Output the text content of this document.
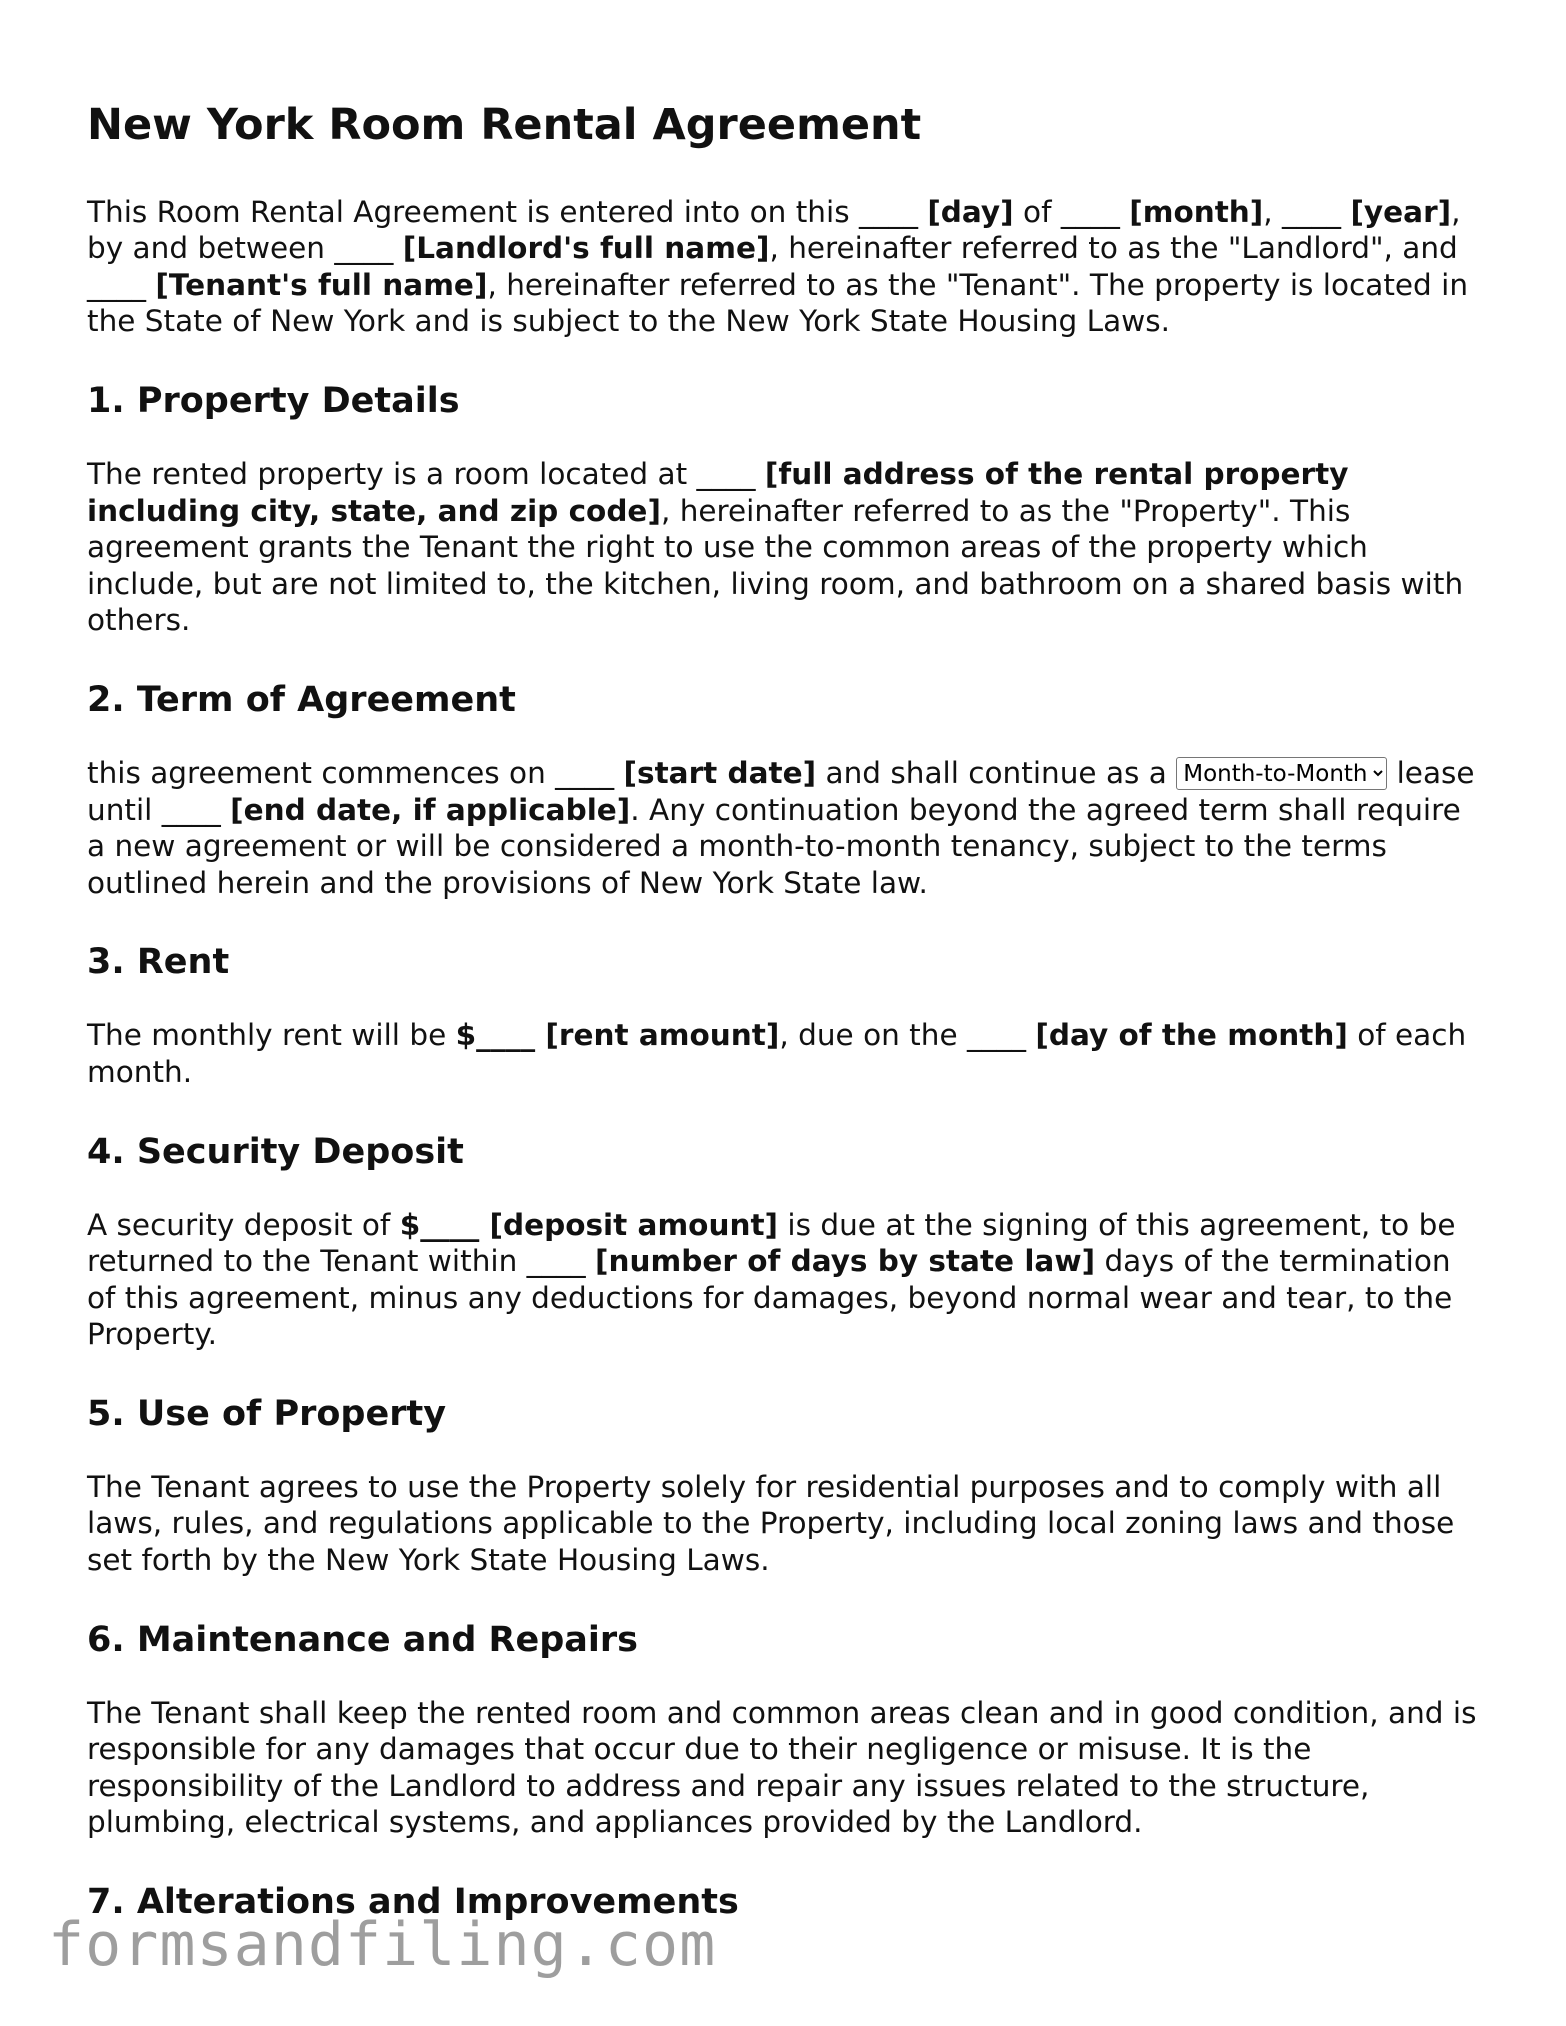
New York Room Rental Agreement

This Room Rental Agreement is entered into on this ____ [day] of ____ [month], ____ [year], by and between ____ [Landlord's full name], hereinafter referred to as the "Landlord", and ____ [Tenant's full name], hereinafter referred to as the "Tenant". The property is located in the State of New York and is subject to the New York State Housing Laws.

1. Property Details

The rented property is a room located at ____ [full address of the rental property including city, state, and zip code], hereinafter referred to as the "Property". This agreement grants the Tenant the right to use the common areas of the property which include, but are not limited to, the kitchen, living room, and bathroom on a shared basis with others.

2. Term of Agreement

this agreement commences on ____ [start date] and shall continue as a
Month-to-Month	lease until ____ [end date, if applicable]. Any continuation beyond the agreed term shall require a new agreement or will be considered a month-to-month tenancy, subject to the terms outlined herein and the provisions of New York State law.

3. Rent

The monthly rent will be $____ [rent amount], due on the ____ [day of the month] of each month.

4. Security Deposit

A security deposit of $____ [deposit amount] is due at the signing of this agreement, to be returned to the Tenant within ____ [number of days by state law] days of the termination of this agreement, minus any deductions for damages, beyond normal wear and tear, to the Property.

5. Use of Property

The Tenant agrees to use the Property solely for residential purposes and to comply with all laws, rules, and regulations applicable to the Property, including local zoning laws and those set forth by the New York State Housing Laws.

6. Maintenance and Repairs

The Tenant shall keep the rented room and common areas clean and in good condition, and is responsible for any damages that occur due to their negligence or misuse. It is the responsibility of the Landlord to address and repair any issues related to the structure, plumbing, electrical systems, and appliances provided by the Landlord.

7. Alterations and Improvements
formsandfiling.com
